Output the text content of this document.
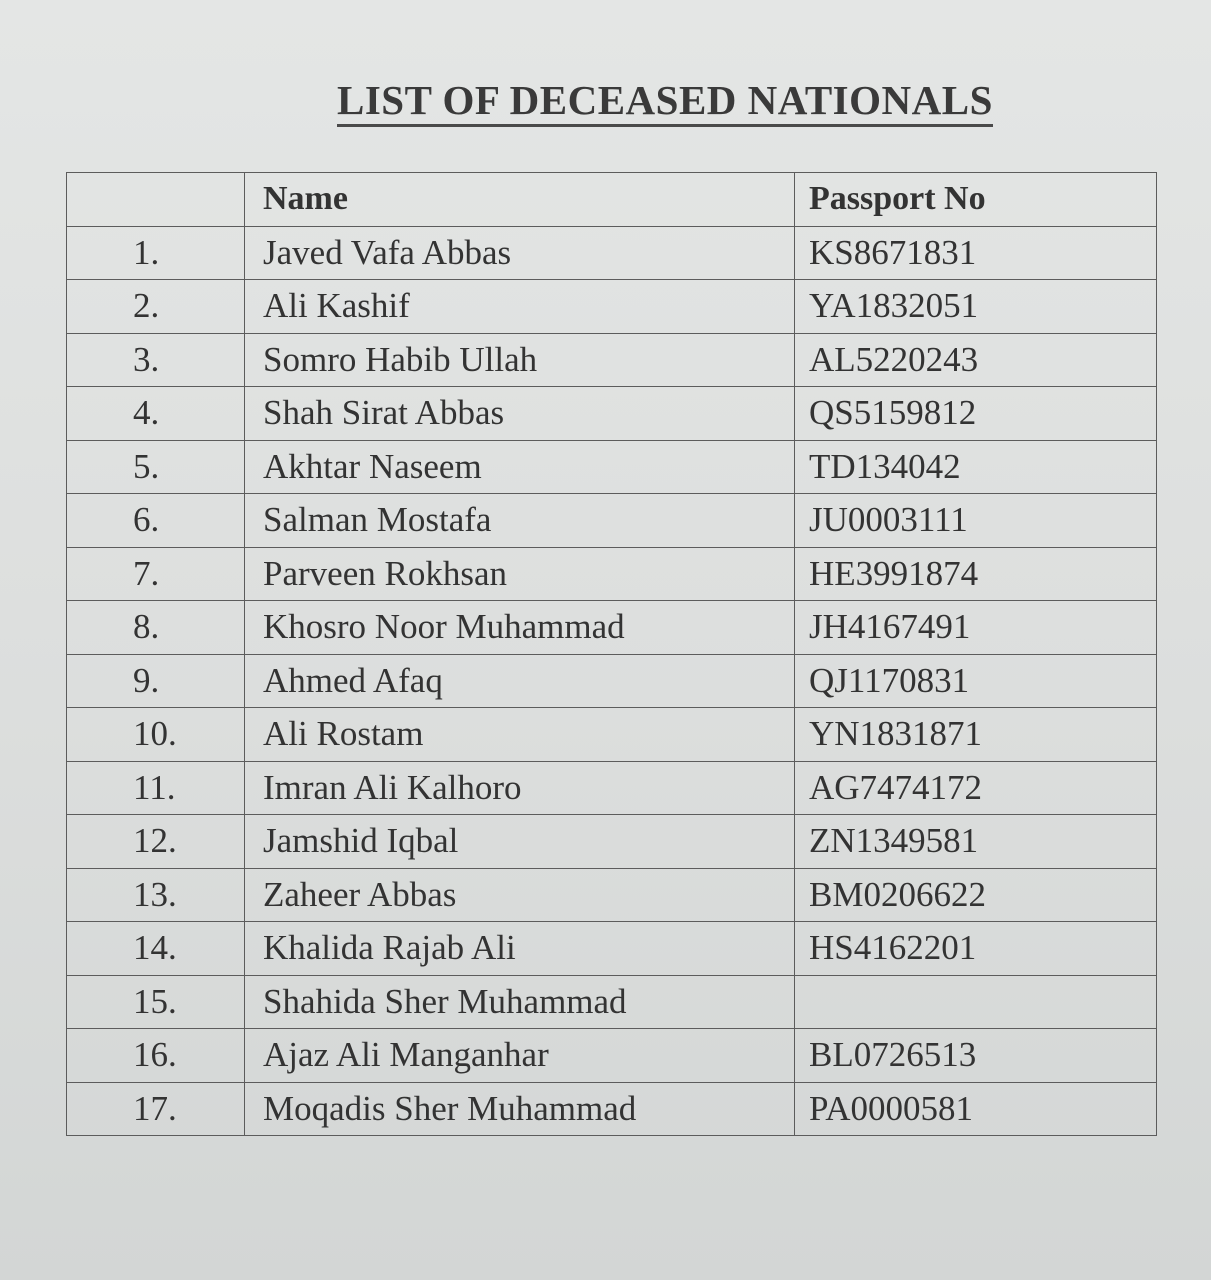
LIST OF DECEASED NATIONALS
	Name	Passport No
1.	Javed Vafa Abbas	KS8671831
2.	Ali Kashif	YA1832051
3.	Somro Habib Ullah	AL5220243
4.	Shah Sirat Abbas	QS5159812
5.	Akhtar Naseem	TD134042
6.	Salman Mostafa	JU0003111
7.	Parveen Rokhsan	HE3991874
8.	Khosro Noor Muhammad	JH4167491
9.	Ahmed Afaq	QJ1170831
10.	Ali Rostam	YN1831871
11.	Imran Ali Kalhoro	AG7474172
12.	Jamshid Iqbal	ZN1349581
13.	Zaheer Abbas	BM0206622
14.	Khalida Rajab Ali	HS4162201
15.	Shahida Sher Muhammad	
16.	Ajaz Ali Manganhar	BL0726513
17.	Moqadis Sher Muhammad	PA0000581
